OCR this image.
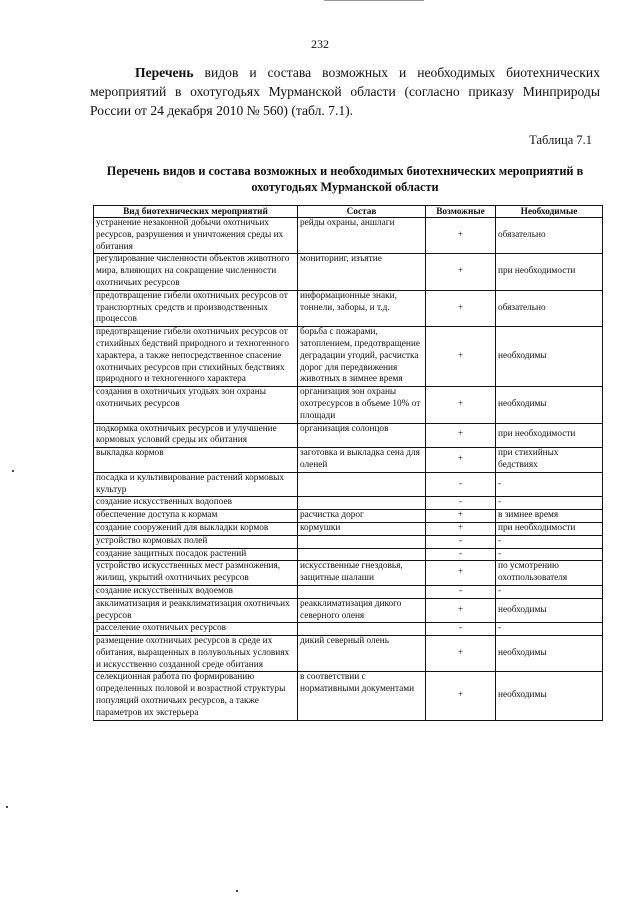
232

Перечень видов и состава возможных и необходимых биотехнических мероприятий в охотугодьях Мурманской области (согласно приказу Минприроды России от 24 декабря 2010 № 560) (табл. 7.1).

Таблица 7.1
Перечень видов и состава возможных и необходимых биотехнических мероприятий в охотугодьях Мурманской области
Вид биотехнических мероприятий	Состав	Возможные	Необходимые
устранение незаконной добычи охотничьих ресурсов, разрушения и уничтожения среды их обитания	рейды охраны, аншлаги	+	обязательно
регулирование численности объектов животного мира, влияющих на сокращение численности охотничьих ресурсов	мониторинг, изъятие	+	при необходимости
предотвращение гибели охотничьих ресурсов от транспортных средств и производственных процессов	информационные знаки, тоннели, заборы, и т.д.	+	обязательно
предотвращение гибели охотничьих ресурсов от стихийных бедствий природного и техногенного характера, а также непосредственное спасение охотничьих ресурсов при стихийных бедствиях природного и техногенного характера	борьба с пожарами, затоплением, предотвращение деградации угодий, расчистка дорог для передвижения животных в зимнее время	+	необходимы
создания в охотничьих угодьях зон охраны охотничьих ресурсов	организация зон охраны охотресурсов в объеме 10% от площади	+	необходимы
подкормка охотничьих ресурсов и улучшение кормовых условий среды их обитания	организация солонцов	+	при необходимости
выкладка кормов	заготовка и выкладка сена для оленей	+	при стихийных бедствиях
посадка и культивирование растений кормовых культур		-	-
создание искусственных водопоев		-	-
обеспечение доступа к кормам	расчистка дорог	+	в зимнее время
создание сооружений для выкладки кормов	кормушки	+	при необходимости
устройство кормовых полей		-	-
создание защитных посадок растений		-	-
устройство искусственных мест размножения, жилищ, укрытий охотничьих ресурсов	искусственные гнездовья, защитные шалаши	+	по усмотрению охотпользователя
создание искусственных водоемов		-	-
акклиматизация и реакклиматизация охотничьих ресурсов	реакклиматизация дикого северного оленя	+	необходимы
расселение охотничьих ресурсов		-	-
размещение охотничьих ресурсов в среде их обитания, выращенных в полувольных условиях и искусственно созданной среде обитания	дикий северный олень	+	необходимы
селекционная работа по формированию определенных половой и возрастной структуры популяций охотничьих ресурсов, а также параметров их экстерьера	в соответствии с нормативными документами	+	необходимы
